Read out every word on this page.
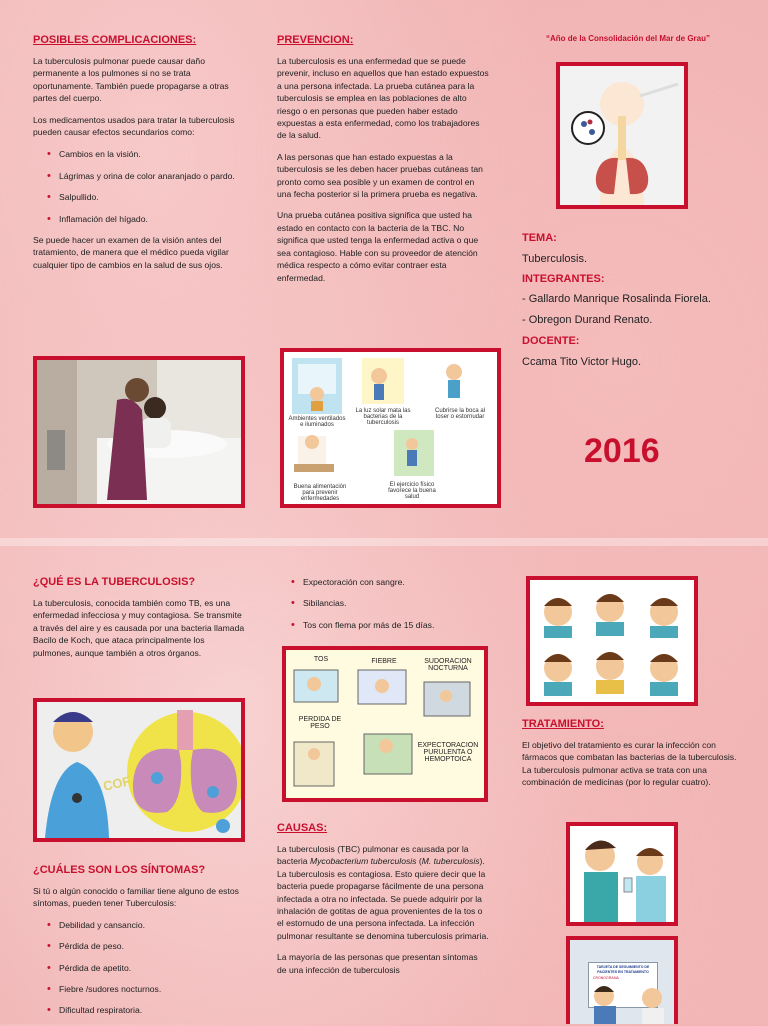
POSIBLES COMPLICACIONES:

La tuberculosis pulmonar puede causar daño permanente a los pulmones si no se trata oportunamente. También puede propagarse a otras partes del cuerpo.

Los medicamentos usados para tratar la tuberculosis pueden causar efectos secundarios como:

• Cambios en la visión.
• Lágrimas y orina de color anaranjado o pardo.
• Salpullido.
• Inflamación del hígado.

Se puede hacer un examen de la visión antes del tratamiento, de manera que el médico pueda vigilar cualquier tipo de cambios en la salud de sus ojos.

PREVENCION:

La tuberculosis es una enfermedad que se puede prevenir, incluso en aquellos que han estado expuestos a una persona infectada. La prueba cutánea para la tuberculosis se emplea en las poblaciones de alto riesgo o en personas que pueden haber estado expuestas a esta enfermedad, como los trabajadores de la salud.

A las personas que han estado expuestas a la tuberculosis se les deben hacer pruebas cutáneas tan pronto como sea posible y un examen de control en una fecha posterior si la primera prueba es negativa.

Una prueba cutánea positiva significa que usted ha estado en contacto con la bacteria de la TBC. No significa que usted tenga la enfermedad activa o que sea contagioso. Hable con su proveedor de atención médica respecto a cómo evitar contraer esta enfermedad.

Ambientes ventilados e iluminados
La luz solar mata las bacterias de la tuberculosis
Cubrirse la boca al toser o estornudar
Buena alimentación para prevenir enfermedades
El ejercicio físico favorece la buena salud
“Año de la Consolidación del Mar de Grau”
TEMA:
Tuberculosis.
INTEGRANTES:
- Gallardo Manrique Rosalinda Fiorela.
- Obregon Durand Renato.
DOCENTE:
Ccama Tito Victor Hugo.
2016
¿QUÉ ES LA TUBERCULOSIS?

La tuberculosis, conocida también como TB, es una enfermedad infecciosa y muy contagiosa. Se transmite a través del aire y es causada por una bacteria llamada Bacilo de Koch, que ataca principalmente los pulmones, aunque también a otros órganos.

COF
¿CUÁLES SON LOS SÍNTOMAS?

Si tú o algún conocido o familiar tiene alguno de estos síntomas, pueden tener Tuberculosis:

• Debilidad y cansancio.
• Pérdida de peso.
• Pérdida de apetito.
• Fiebre /sudores nocturnos.
• Dificultad respiratoria.
• Expectoración con sangre.
• Sibilancias.
• Tos con flema por más de 15 días.
TOS	FIEBRE	SUDORACION NOCTURNA
PERDIDA DE PESO
EXPECTORACION PURULENTA O HEMOPTOICA
CAUSAS:

La tuberculosis (TBC) pulmonar es causada por la bacteria Mycobacterium tuberculosis (M. tuberculosis). La tuberculosis es contagiosa. Esto quiere decir que la bacteria puede propagarse fácilmente de una persona infectada a otra no infectada. Se puede adquirir por la inhalación de gotitas de agua provenientes de la tos o el estornudo de una persona infectada. La infección pulmonar resultante se denomina tuberculosis primaria.

La mayoría de las personas que presentan síntomas de una infección de tuberculosis

TRATAMIENTO:

El objetivo del tratamiento es curar la infección con fármacos que combatan las bacterias de la tuberculosis. La tuberculosis pulmonar activa se trata con una combinación de medicinas (por lo regular cuatro).

TARJETA DE SEGUIMIENTO DE PACIENTES EN TRATAMIENTO
CRONOGRAMA
